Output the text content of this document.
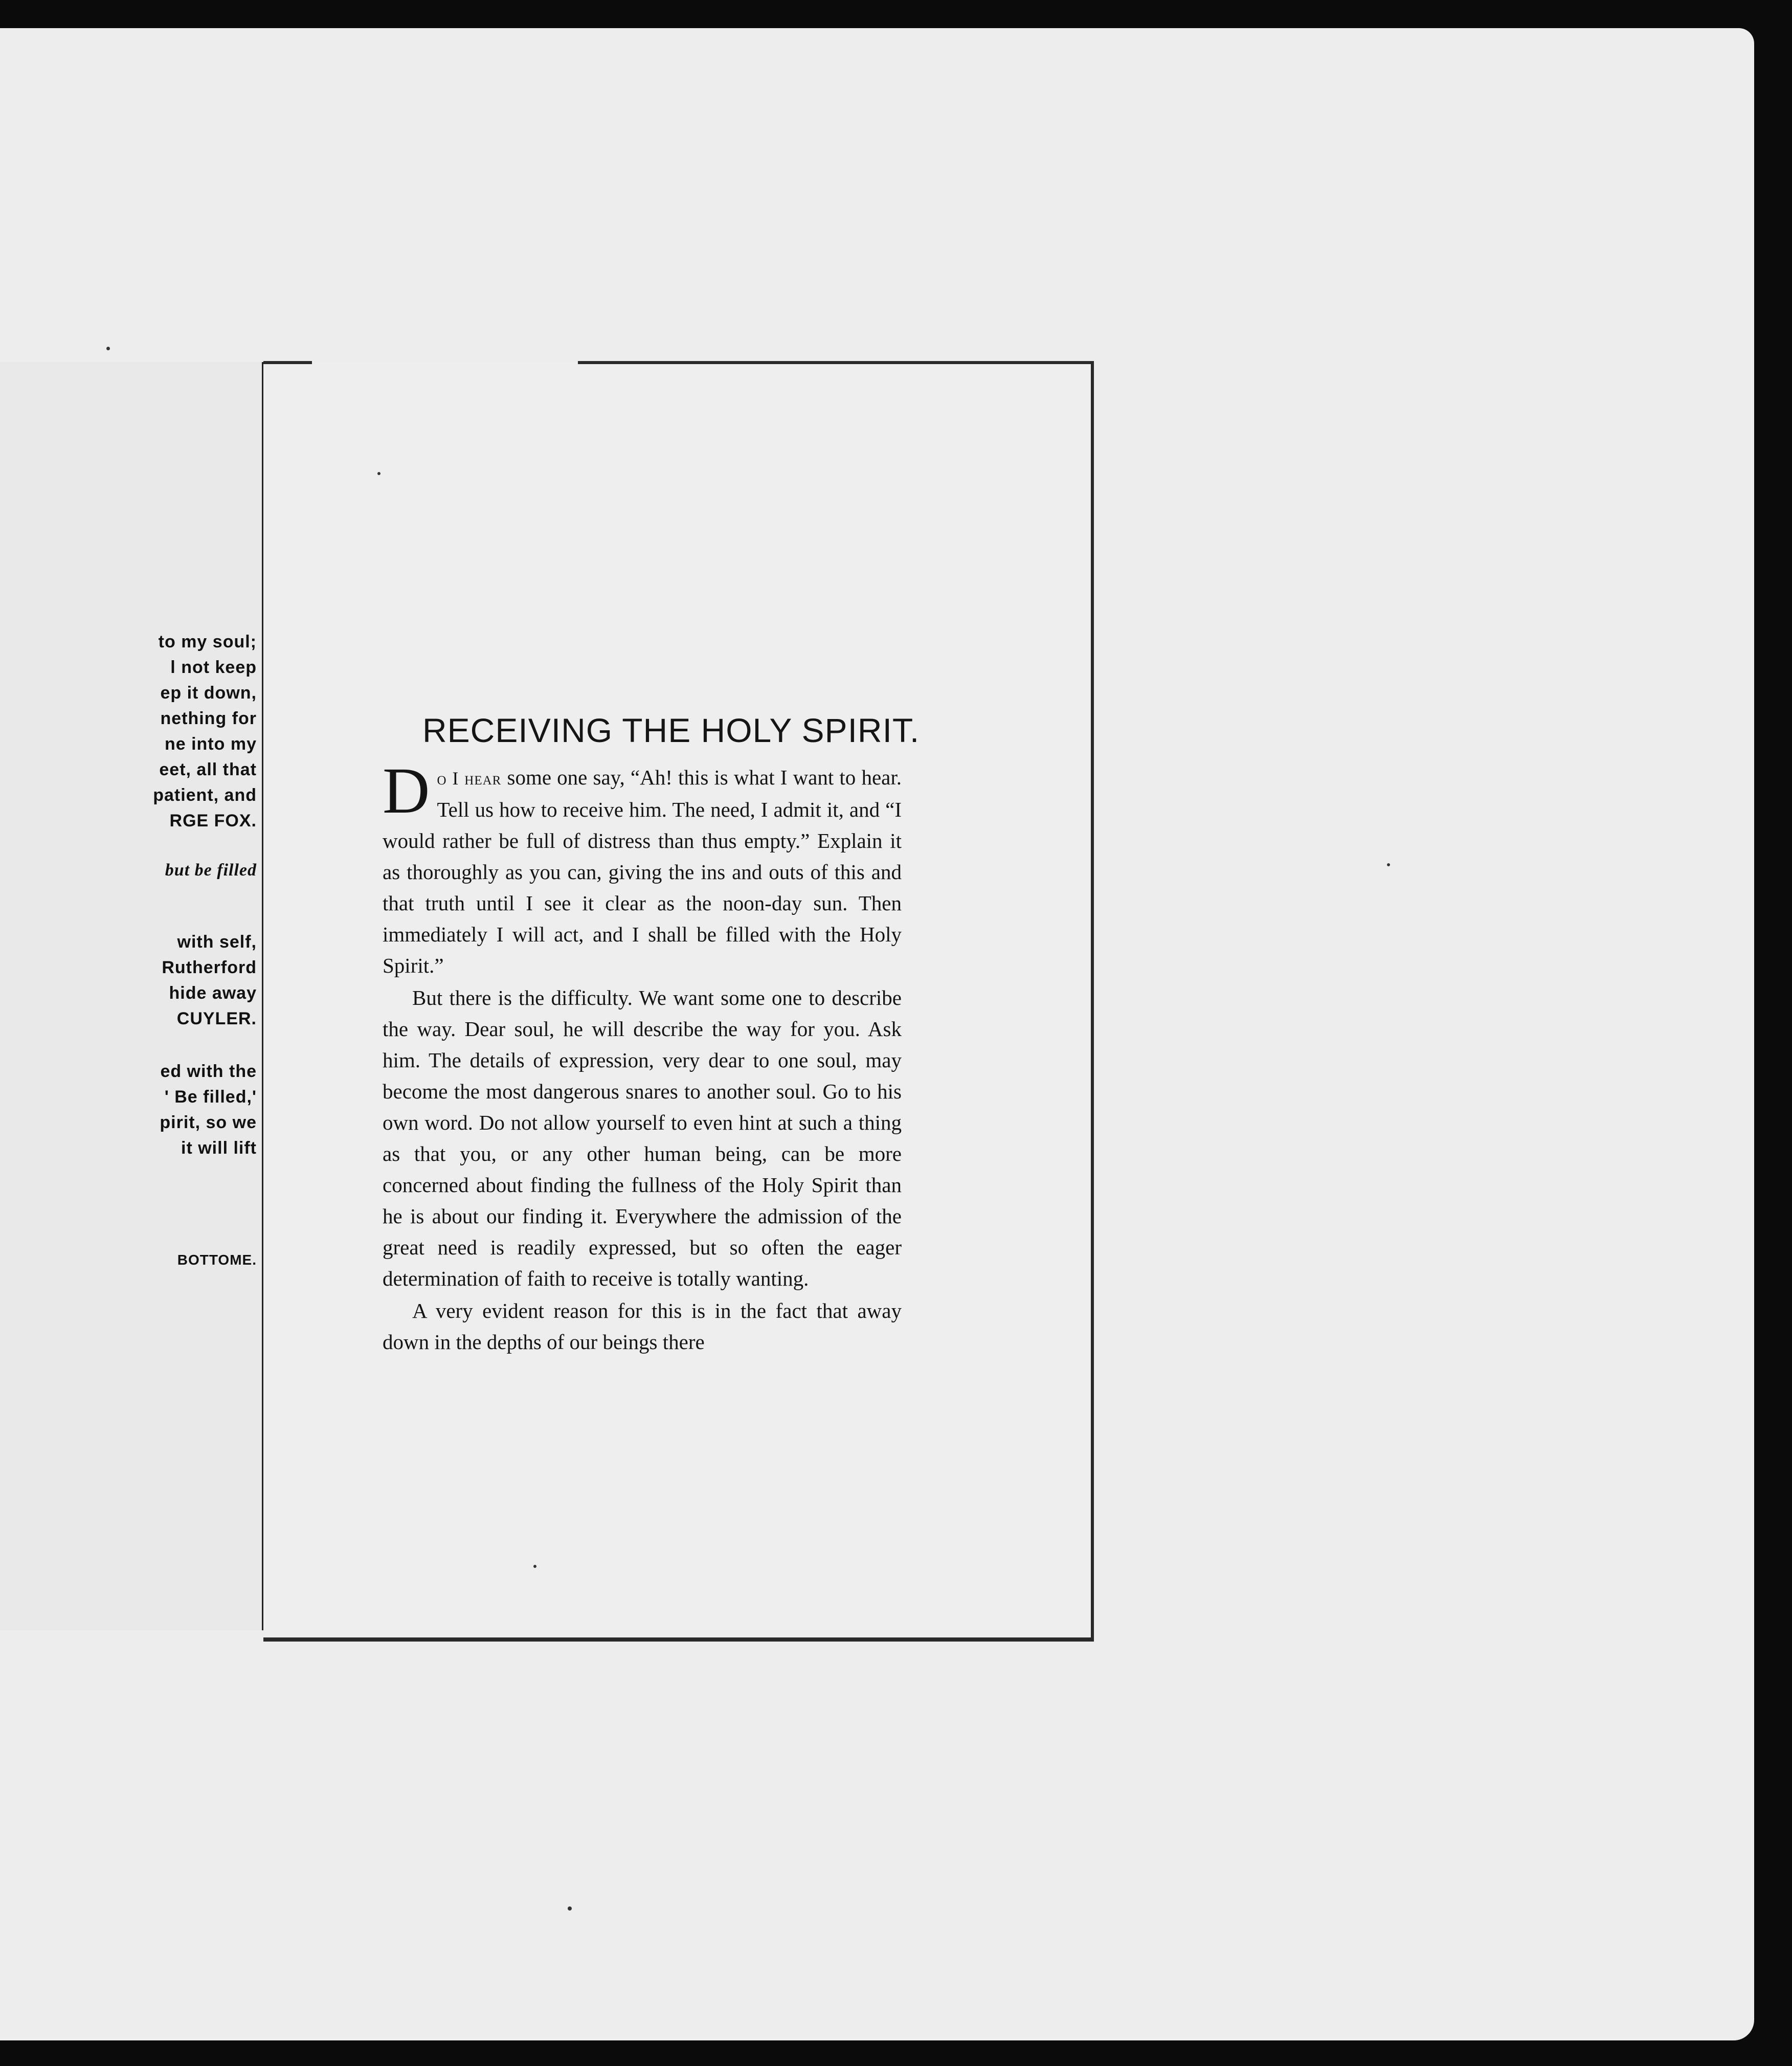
to my soul;
l not keep
ep it down,
nething for
ne into my
eet, all that
patient, and
RGE FOX.
but be filled
with self,
Rutherford
hide away
CUYLER.
ed with the
' Be filled,'
pirit, so we
it will lift
BOTTOME.
RECEIVING THE HOLY SPIRIT.

Do I hear some one say, “Ah! this is what I want to hear. Tell us how to receive him. The need, I admit it, and “I would rather be full of distress than thus empty.” Explain it as thoroughly as you can, giving the ins and outs of this and that truth until I see it clear as the noon-day sun. Then immediately I will act, and I shall be filled with the Holy Spirit.”

But there is the difficulty. We want some one to describe the way. Dear soul, he will describe the way for you. Ask him. The details of expression, very dear to one soul, may become the most dangerous snares to another soul. Go to his own word. Do not allow yourself to even hint at such a thing as that you, or any other human being, can be more concerned about finding the fullness of the Holy Spirit than he is about our finding it. Everywhere the admission of the great need is readily expressed, but so often the eager determination of faith to receive is totally wanting.

A very evident reason for this is in the fact that away down in the depths of our beings there
